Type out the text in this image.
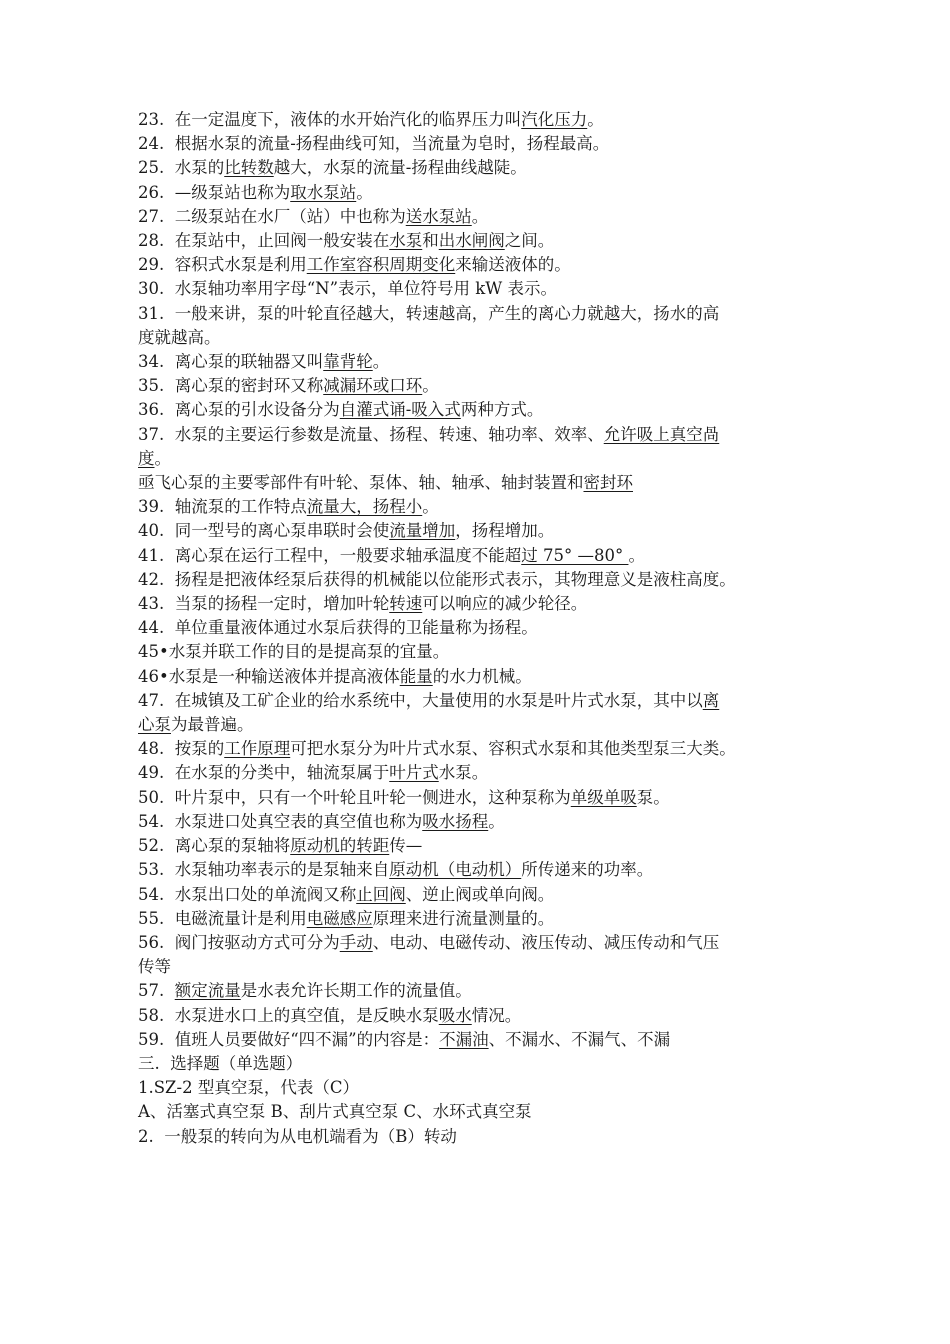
23.  在一定温度下，液体的水开始汽化的临界压力叫汽化压力。
24.  根据水泵的流量-扬程曲线可知，当流量为皂时，扬程最高。
25.  水泵的比转数越大，水泵的流量-扬程曲线越陡。
26.  —级泵站也称为取水泵站。
27.  二级泵站在水厂（站）中也称为送水泵站。
28.  在泵站中，止回阀一般安装在水泵和出水闸阀之间。
29.  容积式水泵是利用工作室容积周期变化来输送液体的。
30.  水泵轴功率用字母“N”表示，单位符号用 kW 表示。
31.  一般来讲，泵的叶轮直径越大，转速越高，产生的离心力就越大，扬水的高
度就越高。
34.  离心泵的联轴器又叫靠背轮。
35.  离心泵的密封环又称减漏环或口环。
36.  离心泵的引水设备分为自灌式诵-吸入式两种方式。
37.  水泵的主要运行参数是流量、扬程、转速、轴功率、效率、允许吸上真空咼
度。
亟飞心泵的主要零部件有叶轮、泵体、轴、轴承、轴封装置和密封环
39.  轴流泵的工作特点流量大，扬程小。
40.  同一型号的离心泵串联时会使流量增加，扬程增加。
41.  离心泵在运行工程中，一般要求轴承温度不能超过 75° —80° 。
42.  扬程是把液体经泵后获得的机械能以位能形式表示，其物理意义是液柱高度。
43.  当泵的扬程一定时，增加叶轮转速可以响应的减少轮径。
44.  单位重量液体通过水泵后获得的卫能量称为扬程。
45•水泵并联工作的目的是提高泵的宜量。
46•水泵是一种输送液体并提高液体能量的水力机械。
47.  在城镇及工矿企业的给水系统中，大量使用的水泵是叶片式水泵，其中以离
心泵为最普遍。
48.  按泵的工作原理可把水泵分为叶片式水泵、容积式水泵和其他类型泵三大类。
49.  在水泵的分类中，轴流泵属于叶片式水泵。
50.  叶片泵中，只有一个叶轮且叶轮一侧进水，这种泵称为单级单吸泵。
54.  水泵进口处真空表的真空值也称为吸水扬程。
52.  离心泵的泵轴将原动机的转距传—
53.  水泵轴功率表示的是泵轴来自原动机（电动机）所传递来的功率。
54.  水泵出口处的单流阀又称止回阀、逆止阀或单向阀。
55.  电磁流量计是利用电磁感应原理来进行流量测量的。
56.  阀门按驱动方式可分为手动、电动、电磁传动、液压传动、减压传动和气压
传等
57.  额定流量是水表允许长期工作的流量值。
58.  水泵进水口上的真空值，是反映水泵吸水情况。
59.  值班人员要做好“四不漏”的内容是：不漏油、不漏水、不漏气、不漏
三.  选择题（单选题）
1.SZ-2 型真空泵，代表（C）
A、活塞式真空泵 B、刮片式真空泵 C、水环式真空泵
2.  一般泵的转向为从电机端看为（B）转动
